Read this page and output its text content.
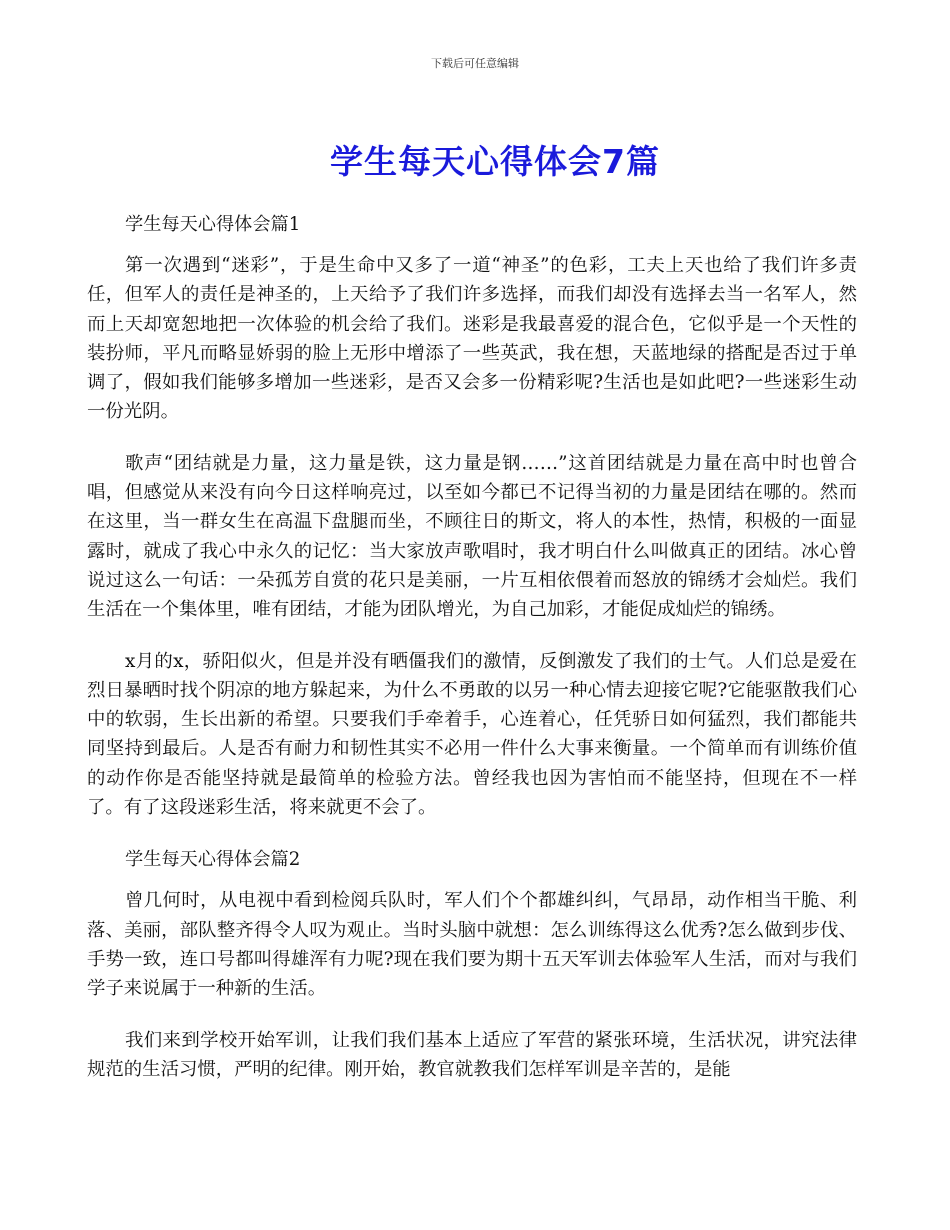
下载后可任意编辑
学生每天心得体会7篇
学生每天心得体会篇1

第一次遇到“迷彩”，于是生命中又多了一道“神圣”的色彩，工夫上天也给了我们许多责任，但军人的责任是神圣的，上天给予了我们许多选择，而我们却没有选择去当一名军人，然而上天却宽恕地把一次体验的机会给了我们。迷彩是我最喜爱的混合色，它似乎是一个天性的装扮师，平凡而略显娇弱的脸上无形中增添了一些英武，我在想，天蓝地绿的搭配是否过于单调了，假如我们能够多增加一些迷彩，是否又会多一份精彩呢?生活也是如此吧?一些迷彩生动一份光阴。

歌声“团结就是力量，这力量是铁，这力量是钢……”这首团结就是力量在高中时也曾合唱，但感觉从来没有向今日这样响亮过，以至如今都已不记得当初的力量是团结在哪的。然而在这里，当一群女生在高温下盘腿而坐，不顾往日的斯文，将人的本性，热情，积极的一面显露时，就成了我心中永久的记忆：当大家放声歌唱时，我才明白什么叫做真正的团结。冰心曾说过这么一句话：一朵孤芳自赏的花只是美丽，一片互相依偎着而怒放的锦绣才会灿烂。我们生活在一个集体里，唯有团结，才能为团队增光，为自己加彩，才能促成灿烂的锦绣。

x月的x，骄阳似火，但是并没有晒僵我们的激情，反倒激发了我们的士气。人们总是爱在烈日暴晒时找个阴凉的地方躲起来，为什么不勇敢的以另一种心情去迎接它呢?它能驱散我们心中的软弱，生长出新的希望。只要我们手牵着手，心连着心，任凭骄日如何猛烈，我们都能共同坚持到最后。人是否有耐力和韧性其实不必用一件什么大事来衡量。一个简单而有训练价值的动作你是否能坚持就是最简单的检验方法。曾经我也因为害怕而不能坚持，但现在不一样了。有了这段迷彩生活，将来就更不会了。

学生每天心得体会篇2

曾几何时，从电视中看到检阅兵队时，军人们个个都雄纠纠，气昂昂，动作相当干脆、利落、美丽，部队整齐得令人叹为观止。当时头脑中就想：怎么训练得这么优秀?怎么做到步伐、手势一致，连口号都叫得雄浑有力呢?现在我们要为期十五天军训去体验军人生活，而对与我们学子来说属于一种新的生活。

我们来到学校开始军训，让我们我们基本上适应了军营的紧张环境，生活状况，讲究法律规范的生活习惯，严明的纪律。刚开始，教官就教我们怎样军训是辛苦的，是能
